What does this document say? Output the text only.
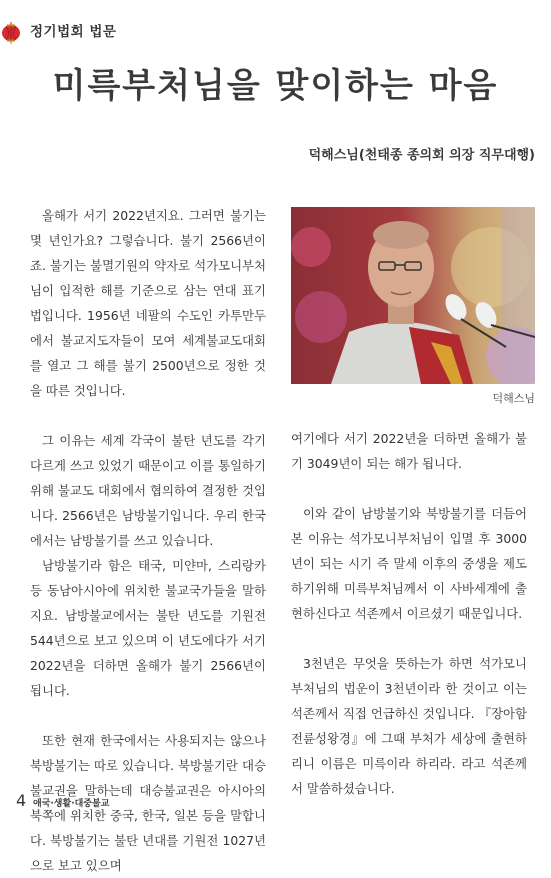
정기법회 법문
미륵부처님을 맞이하는 마음
덕해스님(천태종 종의회 의장 직무대행)

올해가 서기 2022년지요. 그러면 불기는 몇 년인가요? 그렇습니다. 불기 2566년이죠. 불기는 불멸기원의 약자로 석가모니부처님이 입적한 해를 기준으로 삼는 연대 표기법입니다. 1956년 네팔의 수도인 카투만두에서 불교지도자들이 모여 세계불교도대회를 열고 그 해를 불기 2500년으로 정한 것을 따른 것입니다.

그 이유는 세계 각국이 불탄 년도를 각기 다르게 쓰고 있었기 때문이고 이를 통일하기 위해 불교도 대회에서 협의하여 결정한 것입니다. 2566년은 남방불기입니다. 우리 한국에서는 남방불기를 쓰고 있습니다.

남방불기라 함은 태국, 미얀마, 스리랑카 등 동남아시아에 위치한 불교국가들을 말하지요. 남방불교에서는 불탄 년도를 기원전 544년으로 보고 있으며 이 년도에다가 서기 2022년을 더하면 올해가 불기 2566년이 됩니다.

또한 현재 한국에서는 사용되지는 않으나 북방불기는 따로 있습니다. 북방불기란 대승불교권을 말하는데 대승불교권은 아시아의 북쪽에 위치한 중국, 한국, 일본 등을 말합니다. 북방불기는 불탄 년대를 기원전 1027년으로 보고 있으며

덕해스님

여기에다 서기 2022년을 더하면 올해가 불기 3049년이 되는 해가 됩니다.

이와 같이 남방불기와 북방불기를 더듬어본 이유는 석가모니부처님이 입멸 후 3000년이 되는 시기 즉 말세 이후의 중생을 제도하기위해 미륵부처님께서 이 사바세계에 출현하신다고 석존께서 이르셨기 때문입니다.

3천년은 무엇을 뜻하는가 하면 석가모니부처님의 법운이 3천년이라 한 것이고 이는 석존께서 직접 언급하신 것입니다. 『장아함전륜성왕경』에 그때 부처가 세상에 출현하리니 이름은 미륵이라 하리라. 라고 석존께서 말씀하셨습니다.

4 애국·생활·대중불교
